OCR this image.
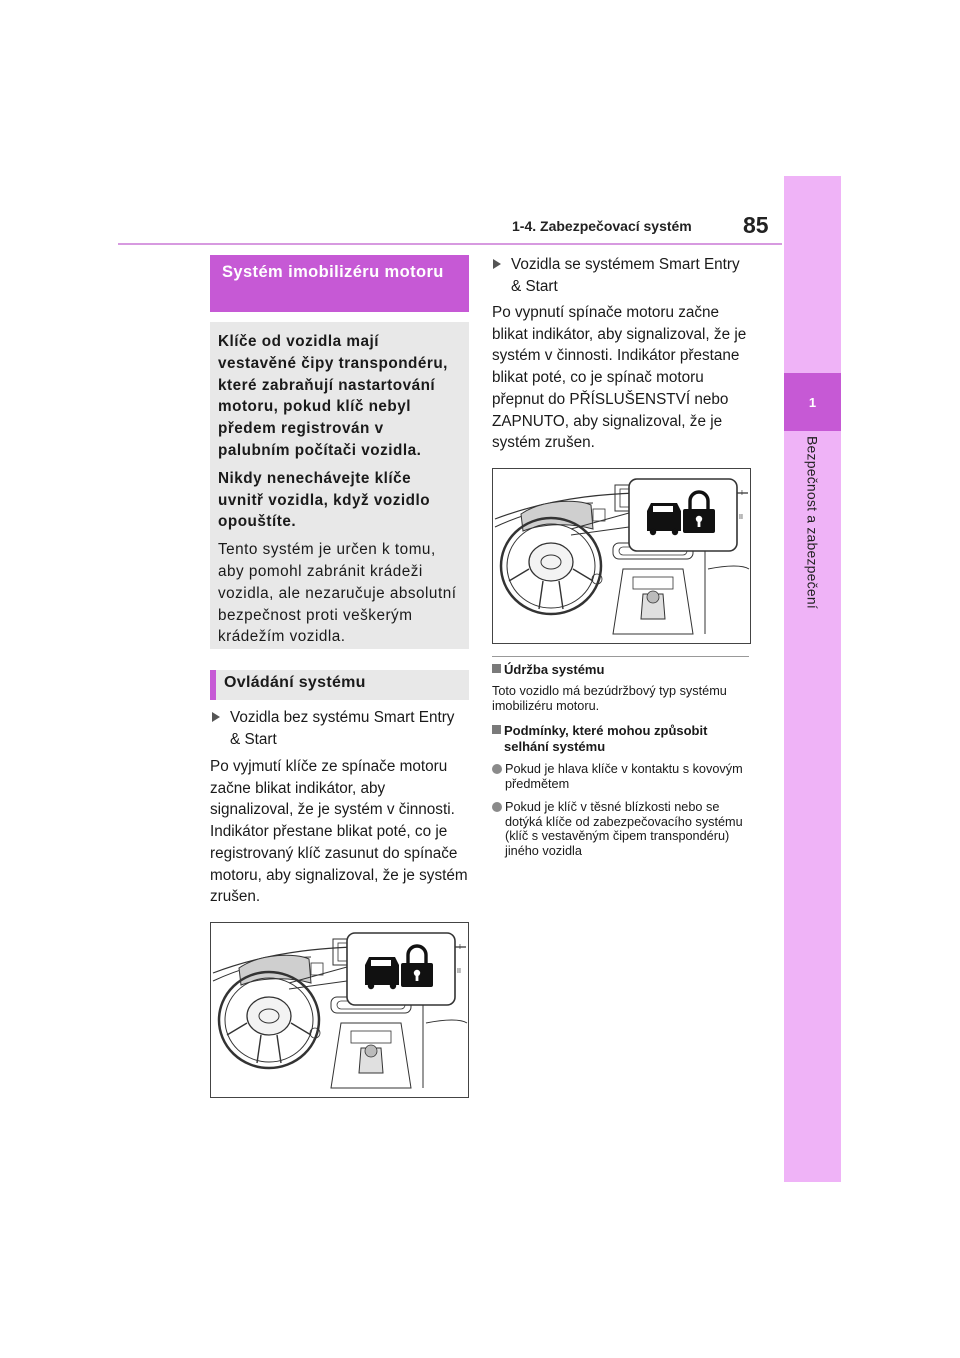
1-4. Zabezpečovací systém 85
1
Bezpečnost a zabezpečení
Systém imobilizéru motoru

Klíče od vozidla mají vestavěné čipy transpondéru, které zabraňují nastartování motoru, pokud klíč nebyl předem registrován v palubním počítači vozidla.

Nikdy nenechávejte klíče uvnitř vozidla, když vozidlo opouštíte.

Tento systém je určen k tomu, aby pomohl zabránit krádeži vozidla, ale nezaručuje absolutní bezpečnost proti veškerým krádežím vozidla.

Ovládání systému
Vozidla bez systému Smart Entry & Start
Po vyjmutí klíče ze spínače motoru začne blikat indikátor, aby signalizoval, že je systém v činnosti. Indikátor přestane blikat poté, co je registrovaný klíč zasunut do spínače motoru, aby signalizoval, že je systém zrušen.
Vozidla se systémem Smart Entry & Start
Po vypnutí spínače motoru začne blikat indikátor, aby signalizoval, že je systém v činnosti. Indikátor přestane blikat poté, co je spínač motoru přepnut do PŘÍSLUŠENSTVÍ nebo ZAPNUTO, aby signalizoval, že je systém zrušen.
Údržba systému
Toto vozidlo má bezúdržbový typ systému imobilizéru motoru.
Podmínky, které mohou způsobit selhání systému
Pokud je hlava klíče v kontaktu s kovovým předmětem
Pokud je klíč v těsné blízkosti nebo se dotýká klíče od zabezpečovacího systému (klíč s vestavěným čipem transpondéru) jiného vozidla
